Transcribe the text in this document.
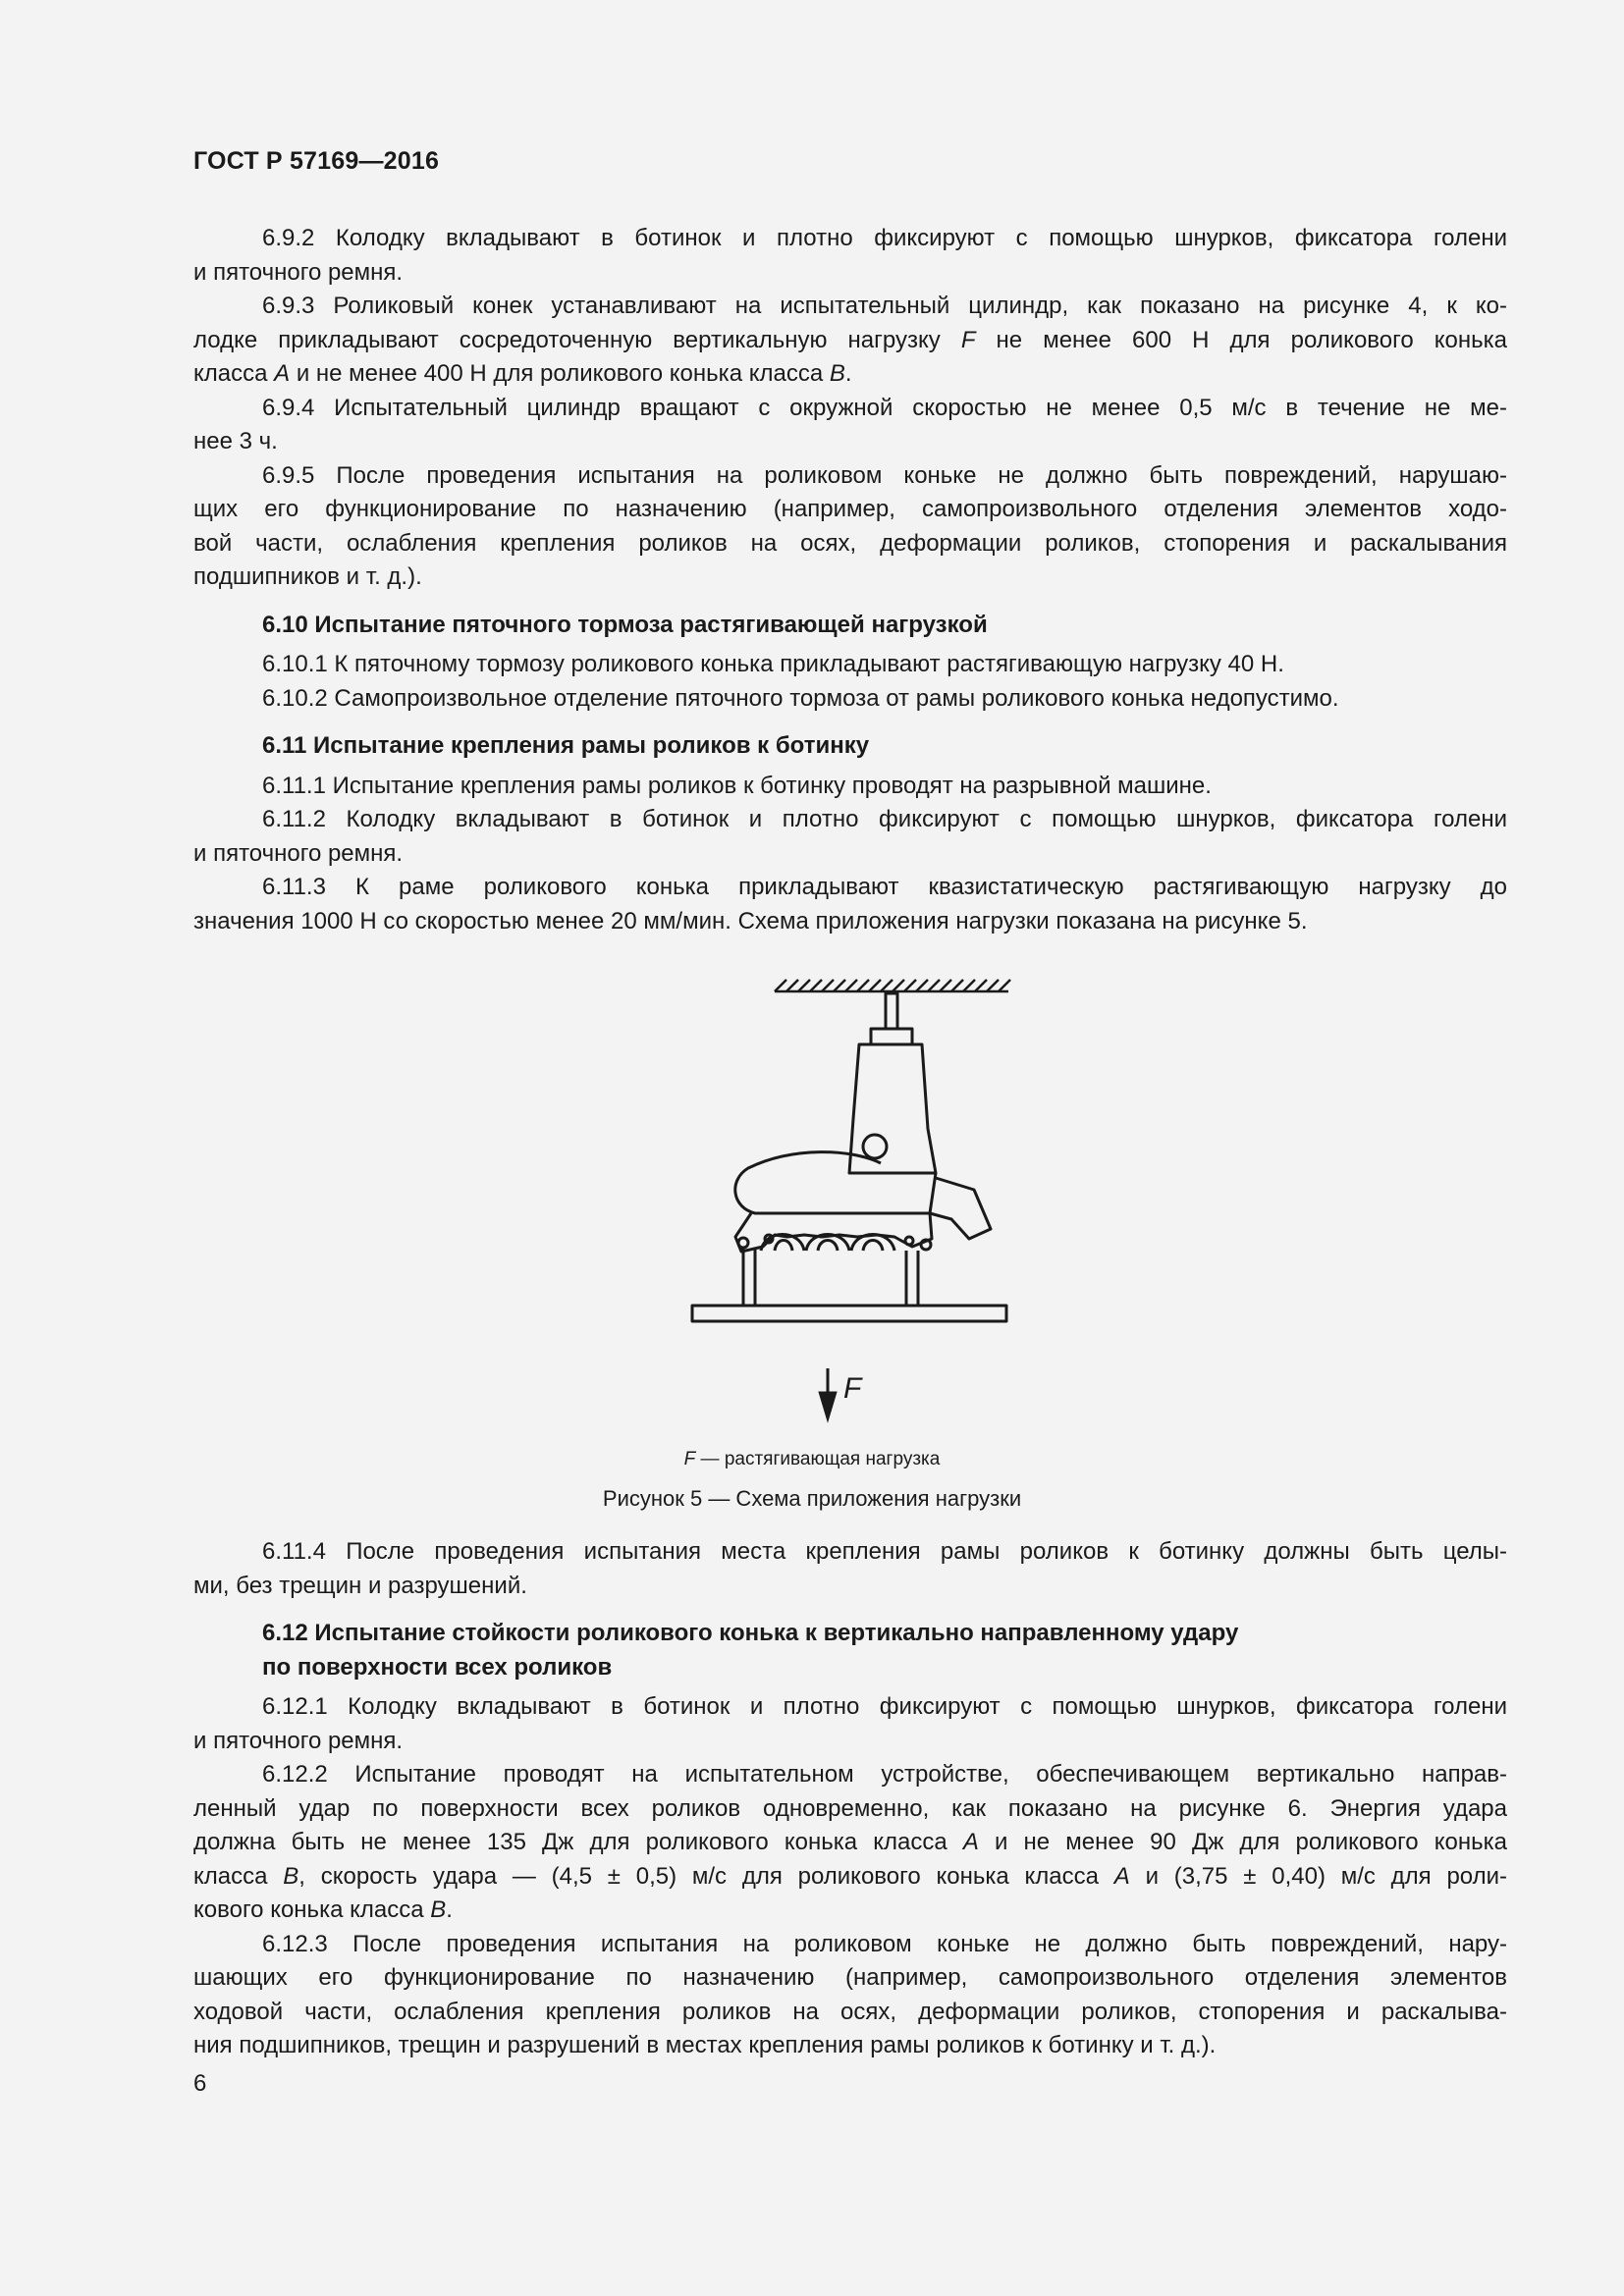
ГОСТ Р 57169—2016

6.9.2 Колодку вкладывают в ботинок и плотно фиксируют с помощью шнурков, фиксатора голени
и пяточного ремня.

6.9.3 Роликовый конек устанавливают на испытательный цилиндр, как показано на рисунке 4, к ко-
лодке прикладывают сосредоточенную вертикальную нагрузку F не менее 600 Н для роликового конька
класса A и не менее 400 Н для роликового конька класса B.

6.9.4 Испытательный цилиндр вращают с окружной скоростью не менее 0,5 м/с в течение не ме-
нее 3 ч.

6.9.5 После проведения испытания на роликовом коньке не должно быть повреждений, нарушаю-
щих его функционирование по назначению (например, самопроизвольного отделения элементов ходо-
вой части, ослабления крепления роликов на осях, деформации роликов, стопорения и раскалывания
подшипников и т. д.).

6.10 Испытание пяточного тормоза растягивающей нагрузкой

6.10.1 К пяточному тормозу роликового конька прикладывают растягивающую нагрузку 40 Н.

6.10.2 Самопроизвольное отделение пяточного тормоза от рамы роликового конька недопустимо.

6.11 Испытание крепления рамы роликов к ботинку

6.11.1 Испытание крепления рамы роликов к ботинку проводят на разрывной машине.

6.11.2 Колодку вкладывают в ботинок и плотно фиксируют с помощью шнурков, фиксатора голени
и пяточного ремня.

6.11.3 К раме роликового конька прикладывают квазистатическую растягивающую нагрузку до
значения 1000 Н со скоростью менее 20 мм/мин. Схема приложения нагрузки показана на рисунке 5.

F
F — растягивающая нагрузка
Рисунок 5 — Схема приложения нагрузки

6.11.4 После проведения испытания места крепления рамы роликов к ботинку должны быть целы-
ми, без трещин и разрушений.

6.12 Испытание стойкости роликового конька к вертикально направленному удару
по поверхности всех роликов

6.12.1 Колодку вкладывают в ботинок и плотно фиксируют с помощью шнурков, фиксатора голени
и пяточного ремня.

6.12.2 Испытание проводят на испытательном устройстве, обеспечивающем вертикально направ-
ленный удар по поверхности всех роликов одновременно, как показано на рисунке 6. Энергия удара
должна быть не менее 135 Дж для роликового конька класса A и не менее 90 Дж для роликового конька
класса B, скорость удара — (4,5 ± 0,5) м/с для роликового конька класса A и (3,75 ± 0,40) м/с для роли-
кового конька класса B.

6.12.3 После проведения испытания на роликовом коньке не должно быть повреждений, нару-
шающих его функционирование по назначению (например, самопроизвольного отделения элементов
ходовой части, ослабления крепления роликов на осях, деформации роликов, стопорения и раскалыва-
ния подшипников, трещин и разрушений в местах крепления рамы роликов к ботинку и т. д.).

6
